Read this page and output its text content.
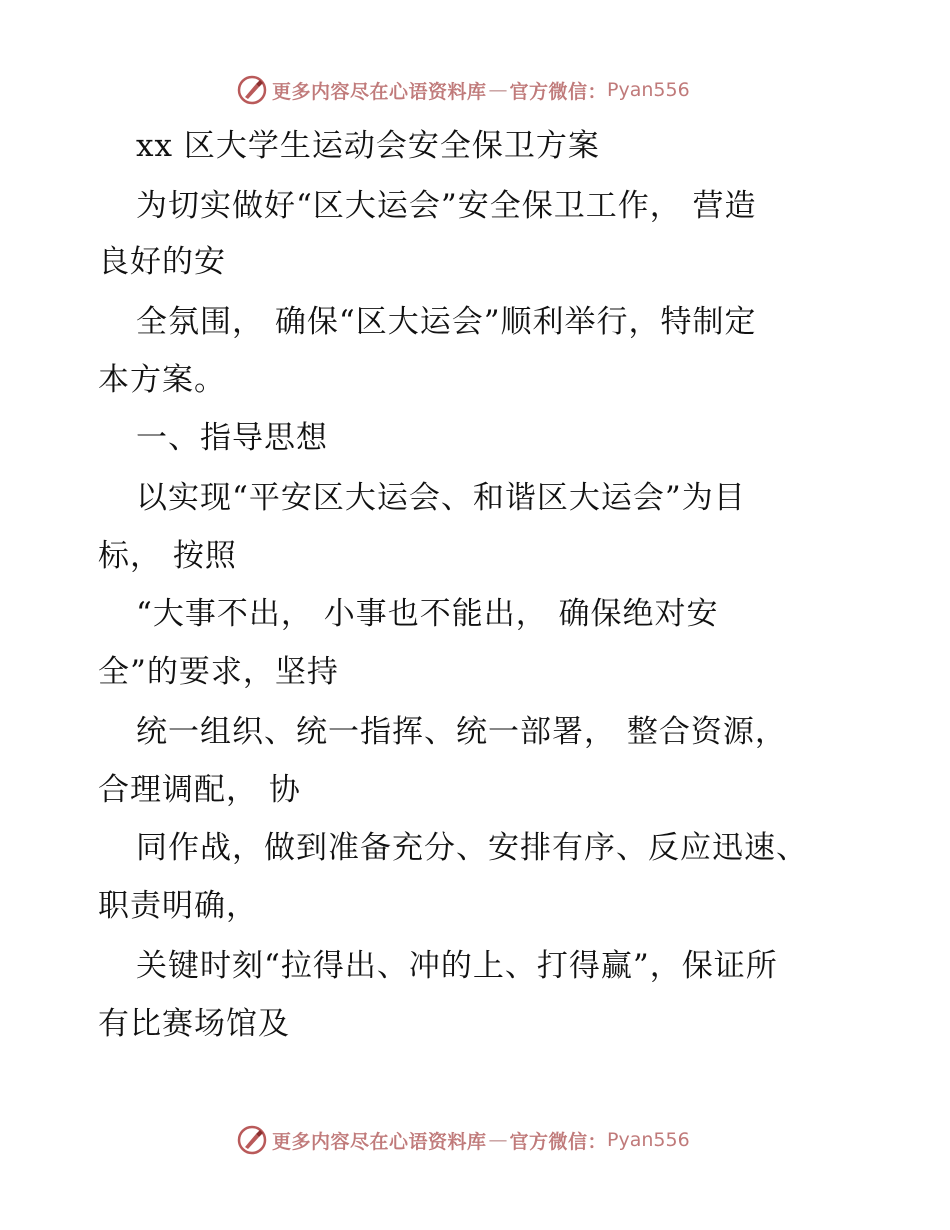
更多内容尽在心语资料库 — 官方微信： Pyan556
xx 区大学生运动会安全保卫方案
为切实做好“区大运会”安全保卫工作， 营造
良好的安
全氛围， 确保“区大运会”顺利举行，特制定
本方案。
一、指导思想
以实现“平安区大运会、和谐区大运会”为目
标， 按照
“大事不出， 小事也不能出， 确保绝对安
全”的要求，坚持
统一组织、统一指挥、统一部署， 整合资源，
合理调配， 协
同作战，做到准备充分、安排有序、反应迅速、
职责明确，
关键时刻“拉得出、冲的上、打得赢”，保证所
有比赛场馆及
更多内容尽在心语资料库 — 官方微信： Pyan556
